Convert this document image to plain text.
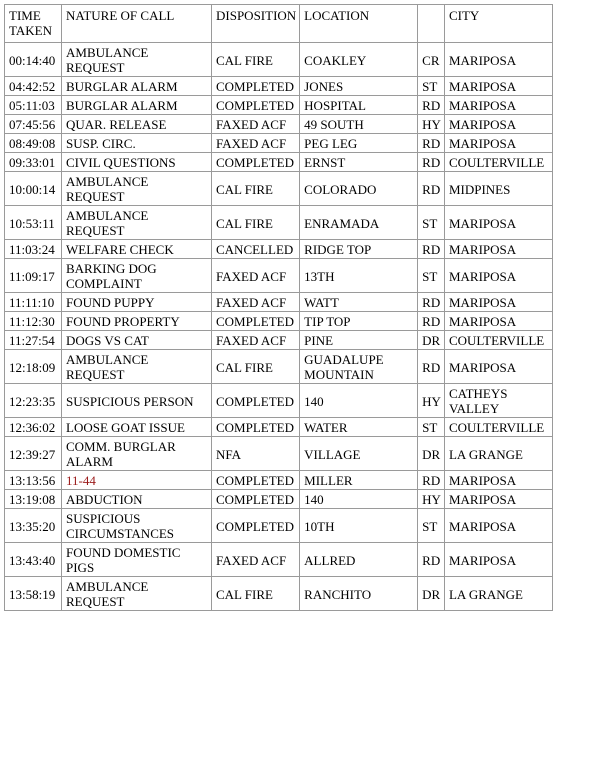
TIME TAKEN	NATURE OF CALL	DISPOSITION	LOCATION		CITY
00:14:40	AMBULANCE REQUEST	CAL FIRE	COAKLEY	CR	MARIPOSA
04:42:52	BURGLAR ALARM	COMPLETED	JONES	ST	MARIPOSA
05:11:03	BURGLAR ALARM	COMPLETED	HOSPITAL	RD	MARIPOSA
07:45:56	QUAR. RELEASE	FAXED ACF	49 SOUTH	HY	MARIPOSA
08:49:08	SUSP. CIRC.	FAXED ACF	PEG LEG	RD	MARIPOSA
09:33:01	CIVIL QUESTIONS	COMPLETED	ERNST	RD	COULTERVILLE
10:00:14	AMBULANCE REQUEST	CAL FIRE	COLORADO	RD	MIDPINES
10:53:11	AMBULANCE REQUEST	CAL FIRE	ENRAMADA	ST	MARIPOSA
11:03:24	WELFARE CHECK	CANCELLED	RIDGE TOP	RD	MARIPOSA
11:09:17	BARKING DOG COMPLAINT	FAXED ACF	13TH	ST	MARIPOSA
11:11:10	FOUND PUPPY	FAXED ACF	WATT	RD	MARIPOSA
11:12:30	FOUND PROPERTY	COMPLETED	TIP TOP	RD	MARIPOSA
11:27:54	DOGS VS CAT	FAXED ACF	PINE	DR	COULTERVILLE
12:18:09	AMBULANCE REQUEST	CAL FIRE	GUADALUPE MOUNTAIN	RD	MARIPOSA
12:23:35	SUSPICIOUS PERSON	COMPLETED	140	HY	CATHEYS VALLEY
12:36:02	LOOSE GOAT ISSUE	COMPLETED	WATER	ST	COULTERVILLE
12:39:27	COMM. BURGLAR ALARM	NFA	VILLAGE	DR	LA GRANGE
13:13:56	11-44	COMPLETED	MILLER	RD	MARIPOSA
13:19:08	ABDUCTION	COMPLETED	140	HY	MARIPOSA
13:35:20	SUSPICIOUS CIRCUMSTANCES	COMPLETED	10TH	ST	MARIPOSA
13:43:40	FOUND DOMESTIC PIGS	FAXED ACF	ALLRED	RD	MARIPOSA
13:58:19	AMBULANCE REQUEST	CAL FIRE	RANCHITO	DR	LA GRANGE
